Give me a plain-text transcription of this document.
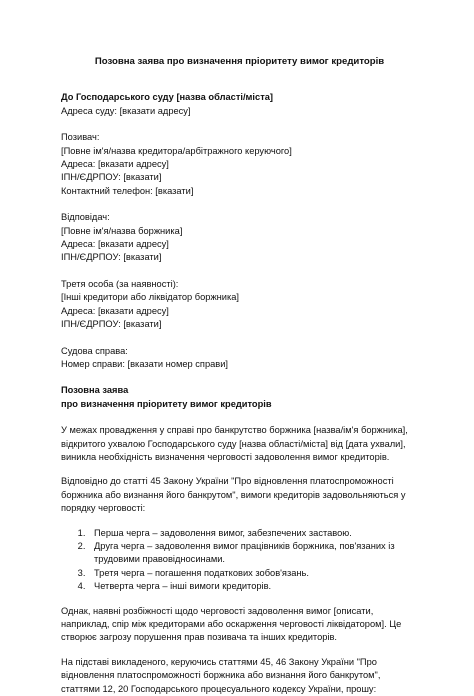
Позовна заява про визначення пріоритету вимог кредиторів
До Господарського суду [назва області/міста]
Адреса суду: [вказати адресу]
Позивач:
[Повне ім'я/назва кредитора/арбітражного керуючого]
Адреса: [вказати адресу]
ІПН/ЄДРПОУ: [вказати]
Контактний телефон: [вказати]
Відповідач:
[Повне ім'я/назва боржника]
Адреса: [вказати адресу]
ІПН/ЄДРПОУ: [вказати]
Третя особа (за наявності):
[Інші кредитори або ліквідатор боржника]
Адреса: [вказати адресу]
ІПН/ЄДРПОУ: [вказати]
Судова справа:
Номер справи: [вказати номер справи]
Позовна заява
про визначення пріоритету вимог кредиторів

У межах провадження у справі про банкрутство боржника [назва/ім'я боржника], відкритого ухвалою Господарського суду [назва області/міста] від [дата ухвали], виникла необхідність визначення черговості задоволення вимог кредиторів.

Відповідно до статті 45 Закону України "Про відновлення платоспроможності боржника або визнання його банкрутом", вимоги кредиторів задовольняються у порядку черговості:

1. Перша черга – задоволення вимог, забезпечених заставою.
2. Друга черга – задоволення вимог працівників боржника, пов'язаних із трудовими правовідносинами.
3. Третя черга – погашення податкових зобов'язань.
4. Четверта черга – інші вимоги кредиторів.

Однак, наявні розбіжності щодо черговості задоволення вимог [описати, наприклад, спір між кредиторами або оскарження черговості ліквідатором]. Це створює загрозу порушення прав позивача та інших кредиторів.

На підставі викладеного, керуючись статтями 45, 46 Закону України "Про відновлення платоспроможності боржника або визнання його банкрутом", статтями 12, 20 Господарського процесуального кодексу України, прошу:
